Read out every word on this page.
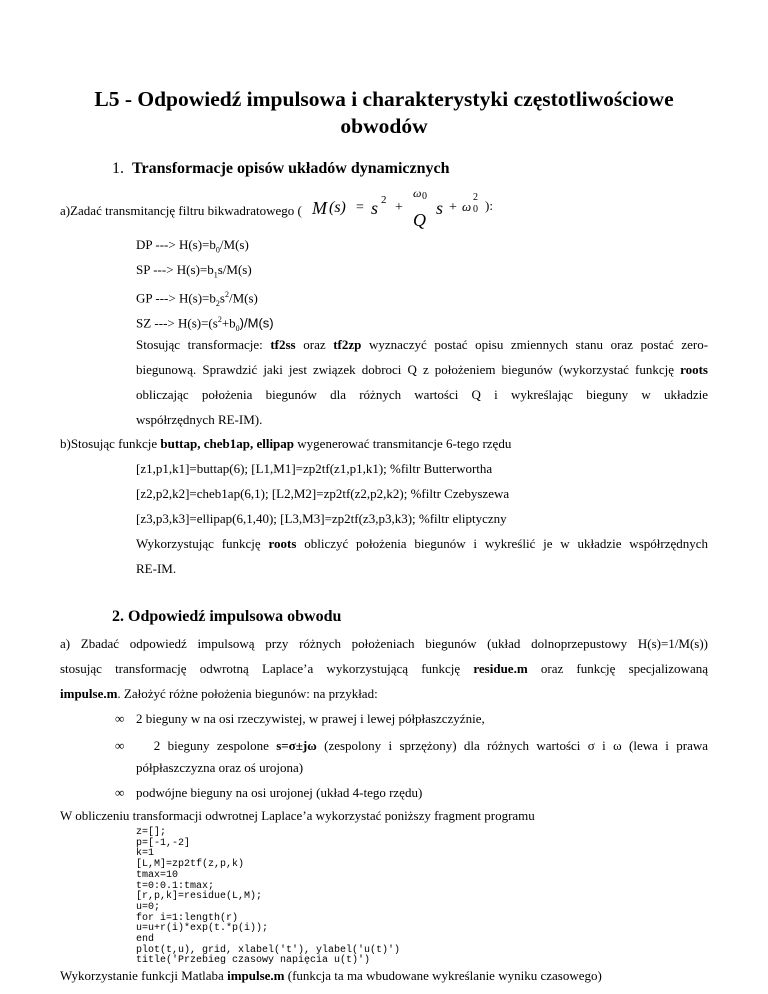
L5 - Odpowiedź impulsowa i charakterystyki częstotliwościowe
obwodów
1. Transformacje opisów układów dynamicznych
a)Zadać transmitancję filtru bikwadratowego ( M (s) = s 2 +
ω 0
Q
s + ω
2
0 ):
DP ---> $H(s)=b_0/M(s)$
SP ---> $H(s)=b_1s/M(s)$
GP ---> $H(s)=b_2s^2/M(s)$
SZ ---> $H(s)=(s^2+b_0)/M(s)$
Stosując transformacje: tf2ss oraz tf2zp wyznaczyć postać opisu zmiennych stanu oraz postać zero-
biegunową. Sprawdzić jaki jest związek dobroci Q z położeniem biegunów (wykorzystać funkcję roots
obliczając położenia biegunów dla różnych wartości Q i wykreślając bieguny w układzie
współrzędnych RE-IM).
b)Stosując funkcje buttap, cheb1ap, ellipap wygenerować transmitancje 6-tego rzędu
[z1,p1,k1]=buttap(6); [L1,M1]=zp2tf(z1,p1,k1); %filtr Butterwortha
[z2,p2,k2]=cheb1ap(6,1); [L2,M2]=zp2tf(z2,p2,k2); %filtr Czebyszewa
[z3,p3,k3]=ellipap(6,1,40); [L3,M3]=zp2tf(z3,p3,k3); %filtr eliptyczny
Wykorzystując funkcję roots obliczyć położenia biegunów i wykreślić je w układzie współrzędnych
RE-IM.
2. Odpowiedź impulsowa obwodu
a) Zbadać odpowiedź impulsową przy różnych położeniach biegunów (układ dolnoprzepustowy H(s)=1/M(s))
stosując transformację odwrotną Laplace’a wykorzystującą funkcję residue.m oraz funkcję specjalizowaną
impulse.m. Założyć różne położenia biegunów: na przykład:
∞ 2 bieguny w na osi rzeczywistej, w prawej i lewej półpłaszczyźnie,
∞ 2 bieguny zespolone s=σ±jω (zespolony i sprzężony) dla różnych wartości σ i ω (lewa i prawa
półpłaszczyzna oraz oś urojona)
∞ podwójne bieguny na osi urojonej (układ 4-tego rzędu)
W obliczeniu transformacji odwrotnej Laplace’a wykorzystać poniższy fragment programu
z=[];
p=[-1,-2]
k=1
[L,M]=zp2tf(z,p,k)
tmax=10
t=0:0.1:tmax;
[r,p,k]=residue(L,M);
u=0;
for i=1:length(r)
u=u+r(i)*exp(t.*p(i));
end
plot(t,u), grid, xlabel('t'), ylabel('u(t)')
title('Przebieg czasowy napięcia u(t)')
Wykorzystanie funkcji Matlaba impulse.m (funkcja ta ma wbudowane wykreślanie wyniku czasowego)
